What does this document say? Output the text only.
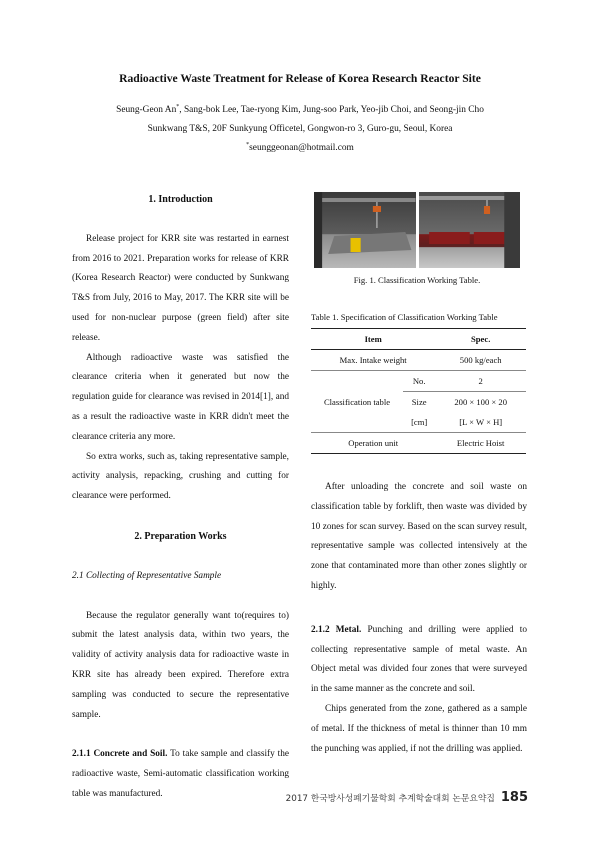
Radioactive Waste Treatment for Release of Korea Research Reactor Site
Seung-Geon An*, Sang-bok Lee, Tae-ryong Kim, Jung-soo Park, Yeo-jib Choi, and Seong-jin Cho
Sunkwang T&S, 20F Sunkyung Officetel, Gongwon-ro 3, Guro-gu, Seoul, Korea
*seunggeonan@hotmail.com

1. Introduction

Release project for KRR site was restarted in earnest from 2016 to 2021. Preparation works for release of KRR (Korea Research Reactor) were conducted by Sunkwang T&S from July, 2016 to May, 2017. The KRR site will be used for non-nuclear purpose (green field) after site release.

Although radioactive waste was satisfied the clearance criteria when it generated but now the regulation guide for clearance was revised in 2014[1], and as a result the radioactive waste in KRR didn't meet the clearance criteria any more.

So extra works, such as, taking representative sample, activity analysis, repacking, crushing and cutting for clearance were performed.

2. Preparation Works

2.1 Collecting of Representative Sample

Because the regulator generally want to(requires to) submit the latest analysis data, within two years, the validity of activity analysis data for radioactive waste in KRR site has already been expired. Therefore extra sampling was conducted to secure the representative sample.

2.1.1 Concrete and Soil. To take sample and classify the radioactive waste, Semi-automatic classification working table was manufactured.

Fig. 1. Classification Working Table.
Table 1. Specification of Classification Working Table
Item		Spec.
Max. Intake weight		500 kg/each
Classification table	No.	2
	Size	200 × 100 × 20
	[cm]	[L × W × H]
Operation unit		Electric Hoist

After unloading the concrete and soil waste on classification table by forklift, then waste was divided by 10 zones for scan survey. Based on the scan survey result, representative sample was collected intensively at the zone that contaminated more than other zones slightly or highly.

2.1.2 Metal. Punching and drilling were applied to collecting representative sample of metal waste. An Object metal was divided four zones that were surveyed in the same manner as the concrete and soil.

Chips generated from the zone, gathered as a sample of metal. If the thickness of metal is thinner than 10 mm the punching was applied, if not the drilling was applied.

2017 한국방사성폐기물학회 추계학술대회 논문요약집 185
